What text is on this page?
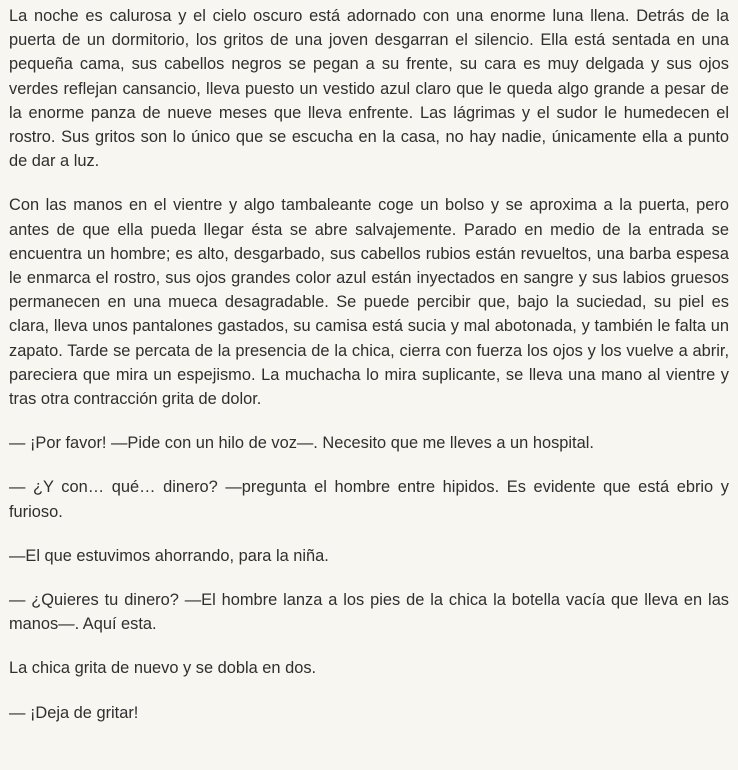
La noche es calurosa y el cielo oscuro está adornado con una enorme luna llena. Detrás de la puerta de un dormitorio, los gritos de una joven desgarran el silencio. Ella está sentada en una pequeña cama, sus cabellos negros se pegan a su frente, su cara es muy delgada y sus ojos verdes reflejan cansancio, lleva puesto un vestido azul claro que le queda algo grande a pesar de la enorme panza de nueve meses que lleva enfrente. Las lágrimas y el sudor le humedecen el rostro. Sus gritos son lo único que se escucha en la casa, no hay nadie, únicamente ella a punto de dar a luz.

Con las manos en el vientre y algo tambaleante coge un bolso y se aproxima a la puerta, pero antes de que ella pueda llegar ésta se abre salvajemente. Parado en medio de la entrada se encuentra un hombre; es alto, desgarbado, sus cabellos rubios están revueltos, una barba espesa le enmarca el rostro, sus ojos grandes color azul están inyectados en sangre y sus labios gruesos permanecen en una mueca desagradable. Se puede percibir que, bajo la suciedad, su piel es clara, lleva unos pantalones gastados, su camisa está sucia y mal abotonada, y también le falta un zapato. Tarde se percata de la presencia de la chica, cierra con fuerza los ojos y los vuelve a abrir, pareciera que mira un espejismo. La muchacha lo mira suplicante, se lleva una mano al vientre y tras otra contracción grita de dolor.

— ¡Por favor! —Pide con un hilo de voz—. Necesito que me lleves a un hospital.

— ¿Y con… qué… dinero? —pregunta el hombre entre hipidos. Es evidente que está ebrio y furioso.

—El que estuvimos ahorrando, para la niña.

— ¿Quieres tu dinero? —El hombre lanza a los pies de la chica la botella vacía que lleva en las manos—. Aquí esta.

La chica grita de nuevo y se dobla en dos.

— ¡Deja de gritar!
